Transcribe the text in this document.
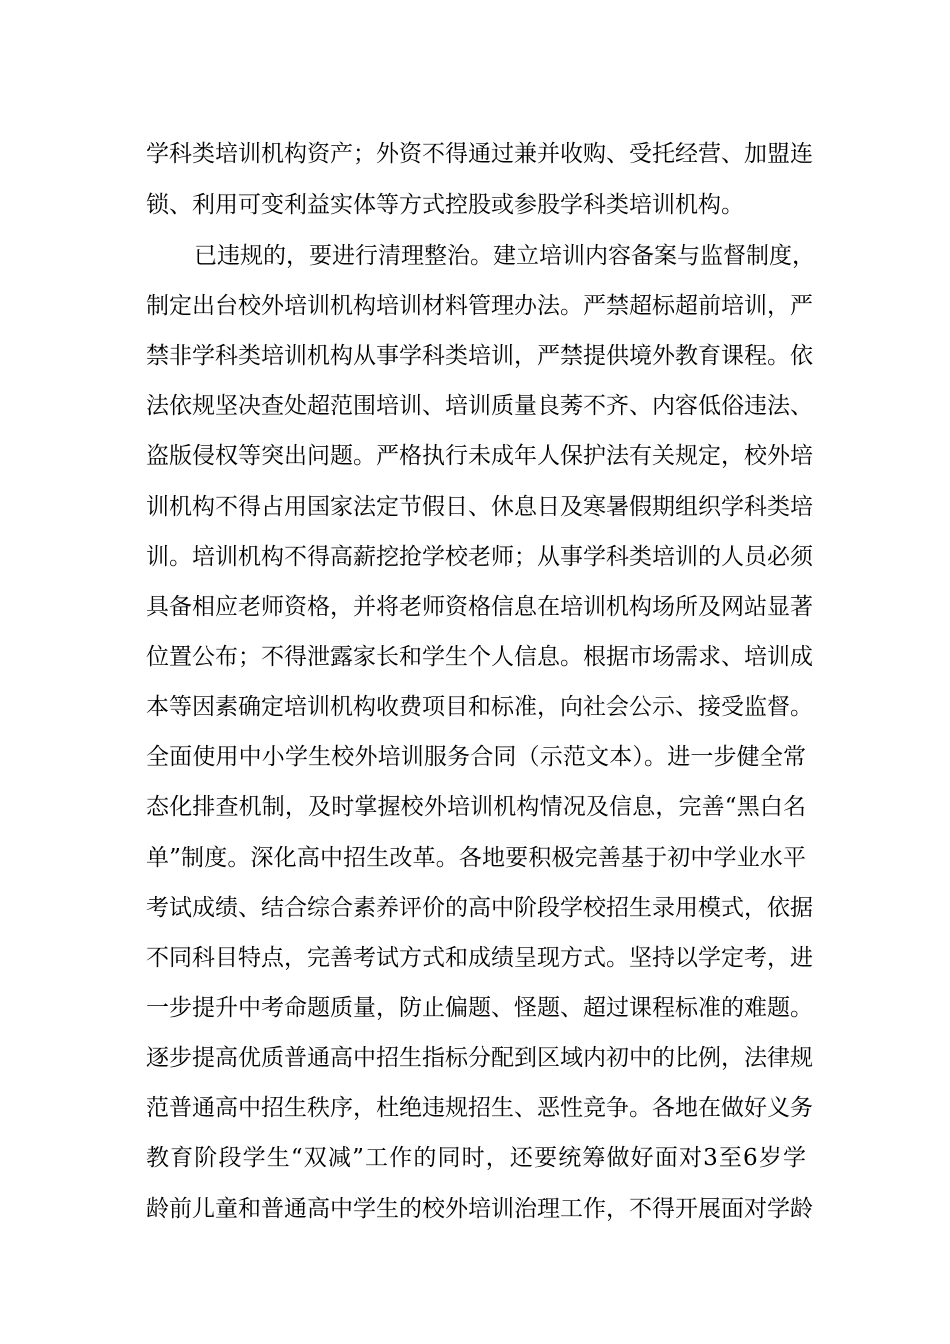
学科类培训机构资产；外资不得通过兼并收购、受托经营、加盟连
锁、利用可变利益实体等方式控股或参股学科类培训机构。
已违规的，要进行清理整治。建立培训内容备案与监督制度，
制定出台校外培训机构培训材料管理办法。严禁超标超前培训，严
禁非学科类培训机构从事学科类培训，严禁提供境外教育课程。依
法依规坚决查处超范围培训、培训质量良莠不齐、内容低俗违法、
盗版侵权等突出问题。严格执行未成年人保护法有关规定，校外培
训机构不得占用国家法定节假日、休息日及寒暑假期组织学科类培
训。培训机构不得高薪挖抢学校老师；从事学科类培训的人员必须
具备相应老师资格，并将老师资格信息在培训机构场所及网站显著
位置公布；不得泄露家长和学生个人信息。根据市场需求、培训成
本等因素确定培训机构收费项目和标准，向社会公示、接受监督。
全面使用中小学生校外培训服务合同（示范文本）。进一步健全常
态化排查机制，及时掌握校外培训机构情况及信息，完善“黑白名
单”制度。深化高中招生改革。各地要积极完善基于初中学业水平
考试成绩、结合综合素养评价的高中阶段学校招生录用模式，依据
不同科目特点，完善考试方式和成绩呈现方式。坚持以学定考，进
一步提升中考命题质量，防止偏题、怪题、超过课程标准的难题。
逐步提高优质普通高中招生指标分配到区域内初中的比例，法律规
范普通高中招生秩序，杜绝违规招生、恶性竞争。各地在做好义务
教育阶段学生“双减”工作的同时，还要统筹做好面对3至6岁学
龄前儿童和普通高中学生的校外培训治理工作，不得开展面对学龄
